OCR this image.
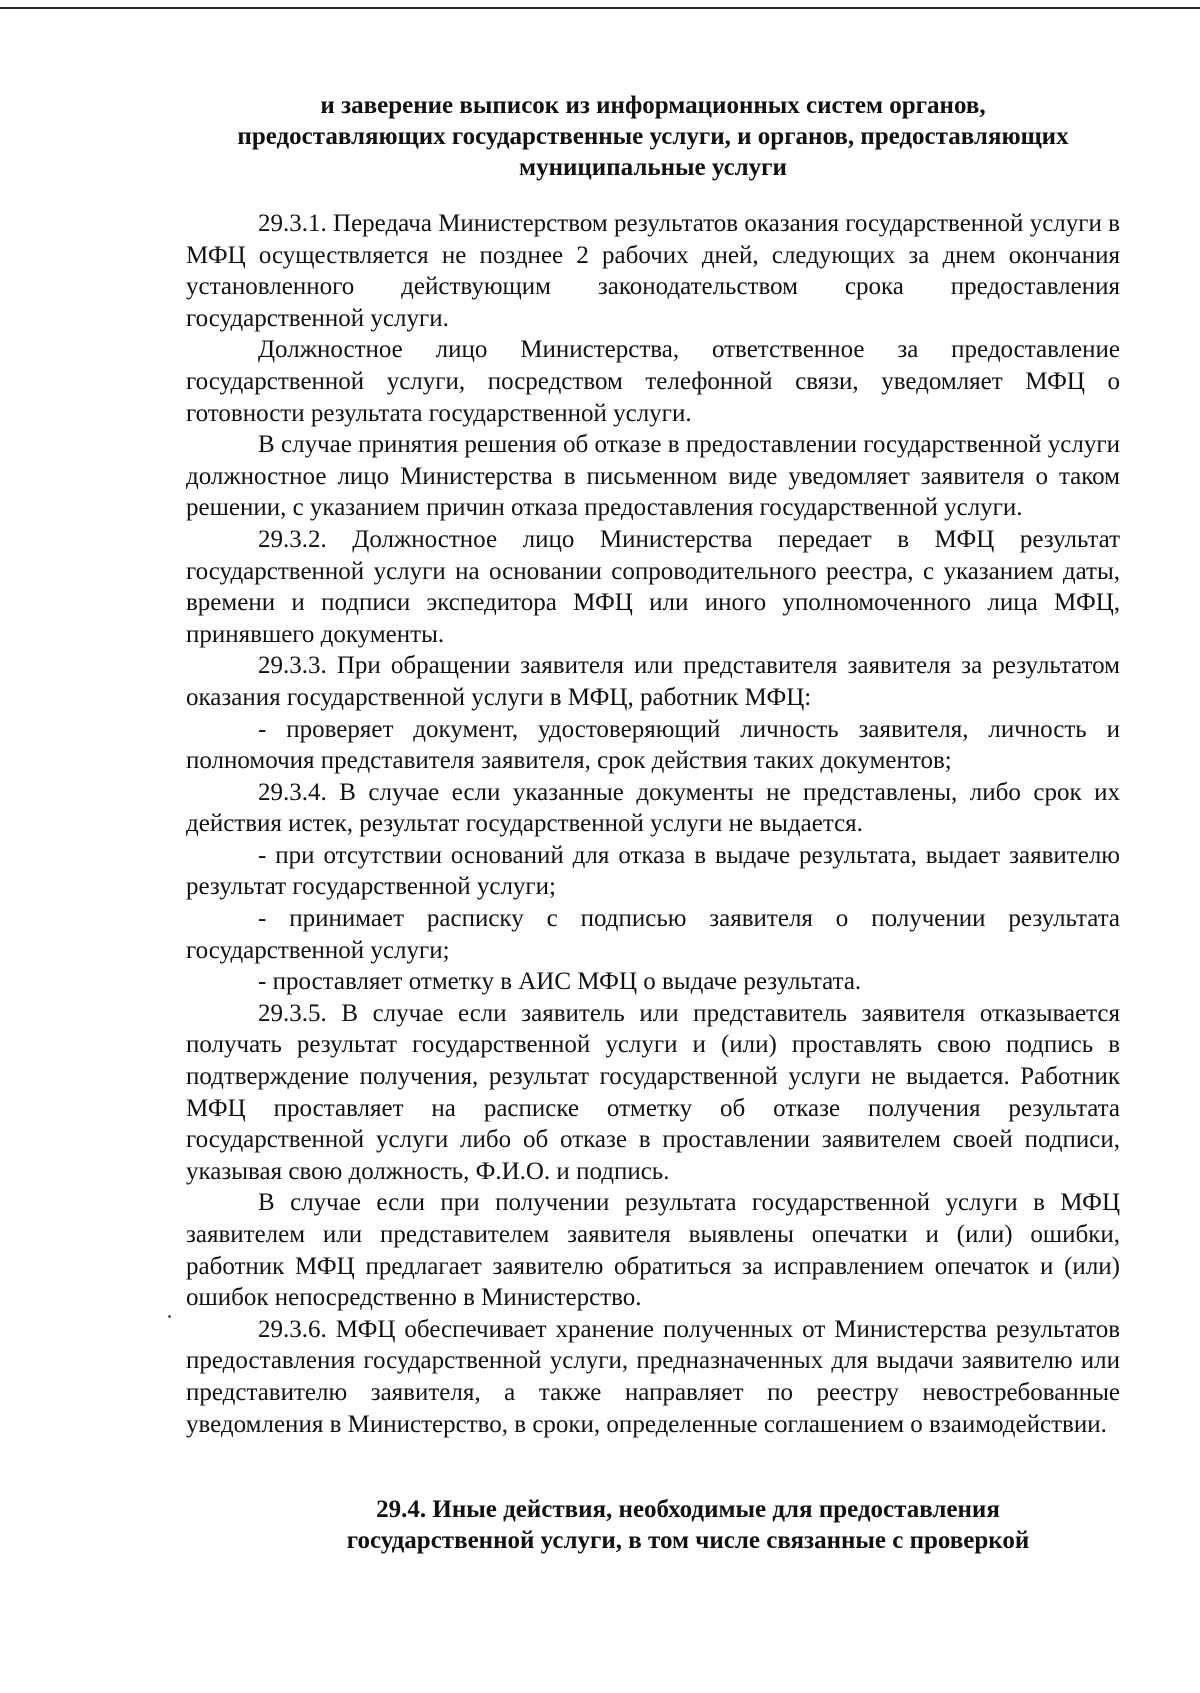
и заверение выписок из информационных систем органов,
предоставляющих государственные услуги, и органов, предоставляющих
муниципальные услуги

29.3.1. Передача Министерством результатов оказания государственной услуги в МФЦ осуществляется не позднее 2 рабочих дней, следующих за днем окончания установленного действующим законодательством срока предоставления государственной услуги.

Должностное лицо Министерства, ответственное за предоставление государственной услуги, посредством телефонной связи, уведомляет МФЦ о готовности результата государственной услуги.

В случае принятия решения об отказе в предоставлении государственной услуги должностное лицо Министерства в письменном виде уведомляет заявителя о таком решении, с указанием причин отказа предоставления государственной услуги.

29.3.2. Должностное лицо Министерства передает в МФЦ результат государственной услуги на основании сопроводительного реестра, с указанием даты, времени и подписи экспедитора МФЦ или иного уполномоченного лица МФЦ, принявшего документы.

29.3.3. При обращении заявителя или представителя заявителя за результатом оказания государственной услуги в МФЦ, работник МФЦ:

- проверяет документ, удостоверяющий личность заявителя, личность и полномочия представителя заявителя, срок действия таких документов;

29.3.4. В случае если указанные документы не представлены, либо срок их действия истек, результат государственной услуги не выдается.

- при отсутствии оснований для отказа в выдаче результата, выдает заявителю результат государственной услуги;

- принимает расписку с подписью заявителя о получении результата государственной услуги;

- проставляет отметку в АИС МФЦ о выдаче результата.

29.3.5. В случае если заявитель или представитель заявителя отказывается получать результат государственной услуги и (или) проставлять свою подпись в подтверждение получения, результат государственной услуги не выдается. Работник МФЦ проставляет на расписке отметку об отказе получения результата государственной услуги либо об отказе в проставлении заявителем своей подписи, указывая свою должность, Ф.И.О. и подпись.

В случае если при получении результата государственной услуги в МФЦ заявителем или представителем заявителя выявлены опечатки и (или) ошибки, работник МФЦ предлагает заявителю обратиться за исправлением опечаток и (или) ошибок непосредственно в Министерство.

29.3.6. МФЦ обеспечивает хранение полученных от Министерства результатов предоставления государственной услуги, предназначенных для выдачи заявителю или представителю заявителя, а также направляет по реестру невостребованные уведомления в Министерство, в сроки, определенные соглашением о взаимодействии.

29.4. Иные действия, необходимые для предоставления
государственной услуги, в том числе связанные с проверкой
